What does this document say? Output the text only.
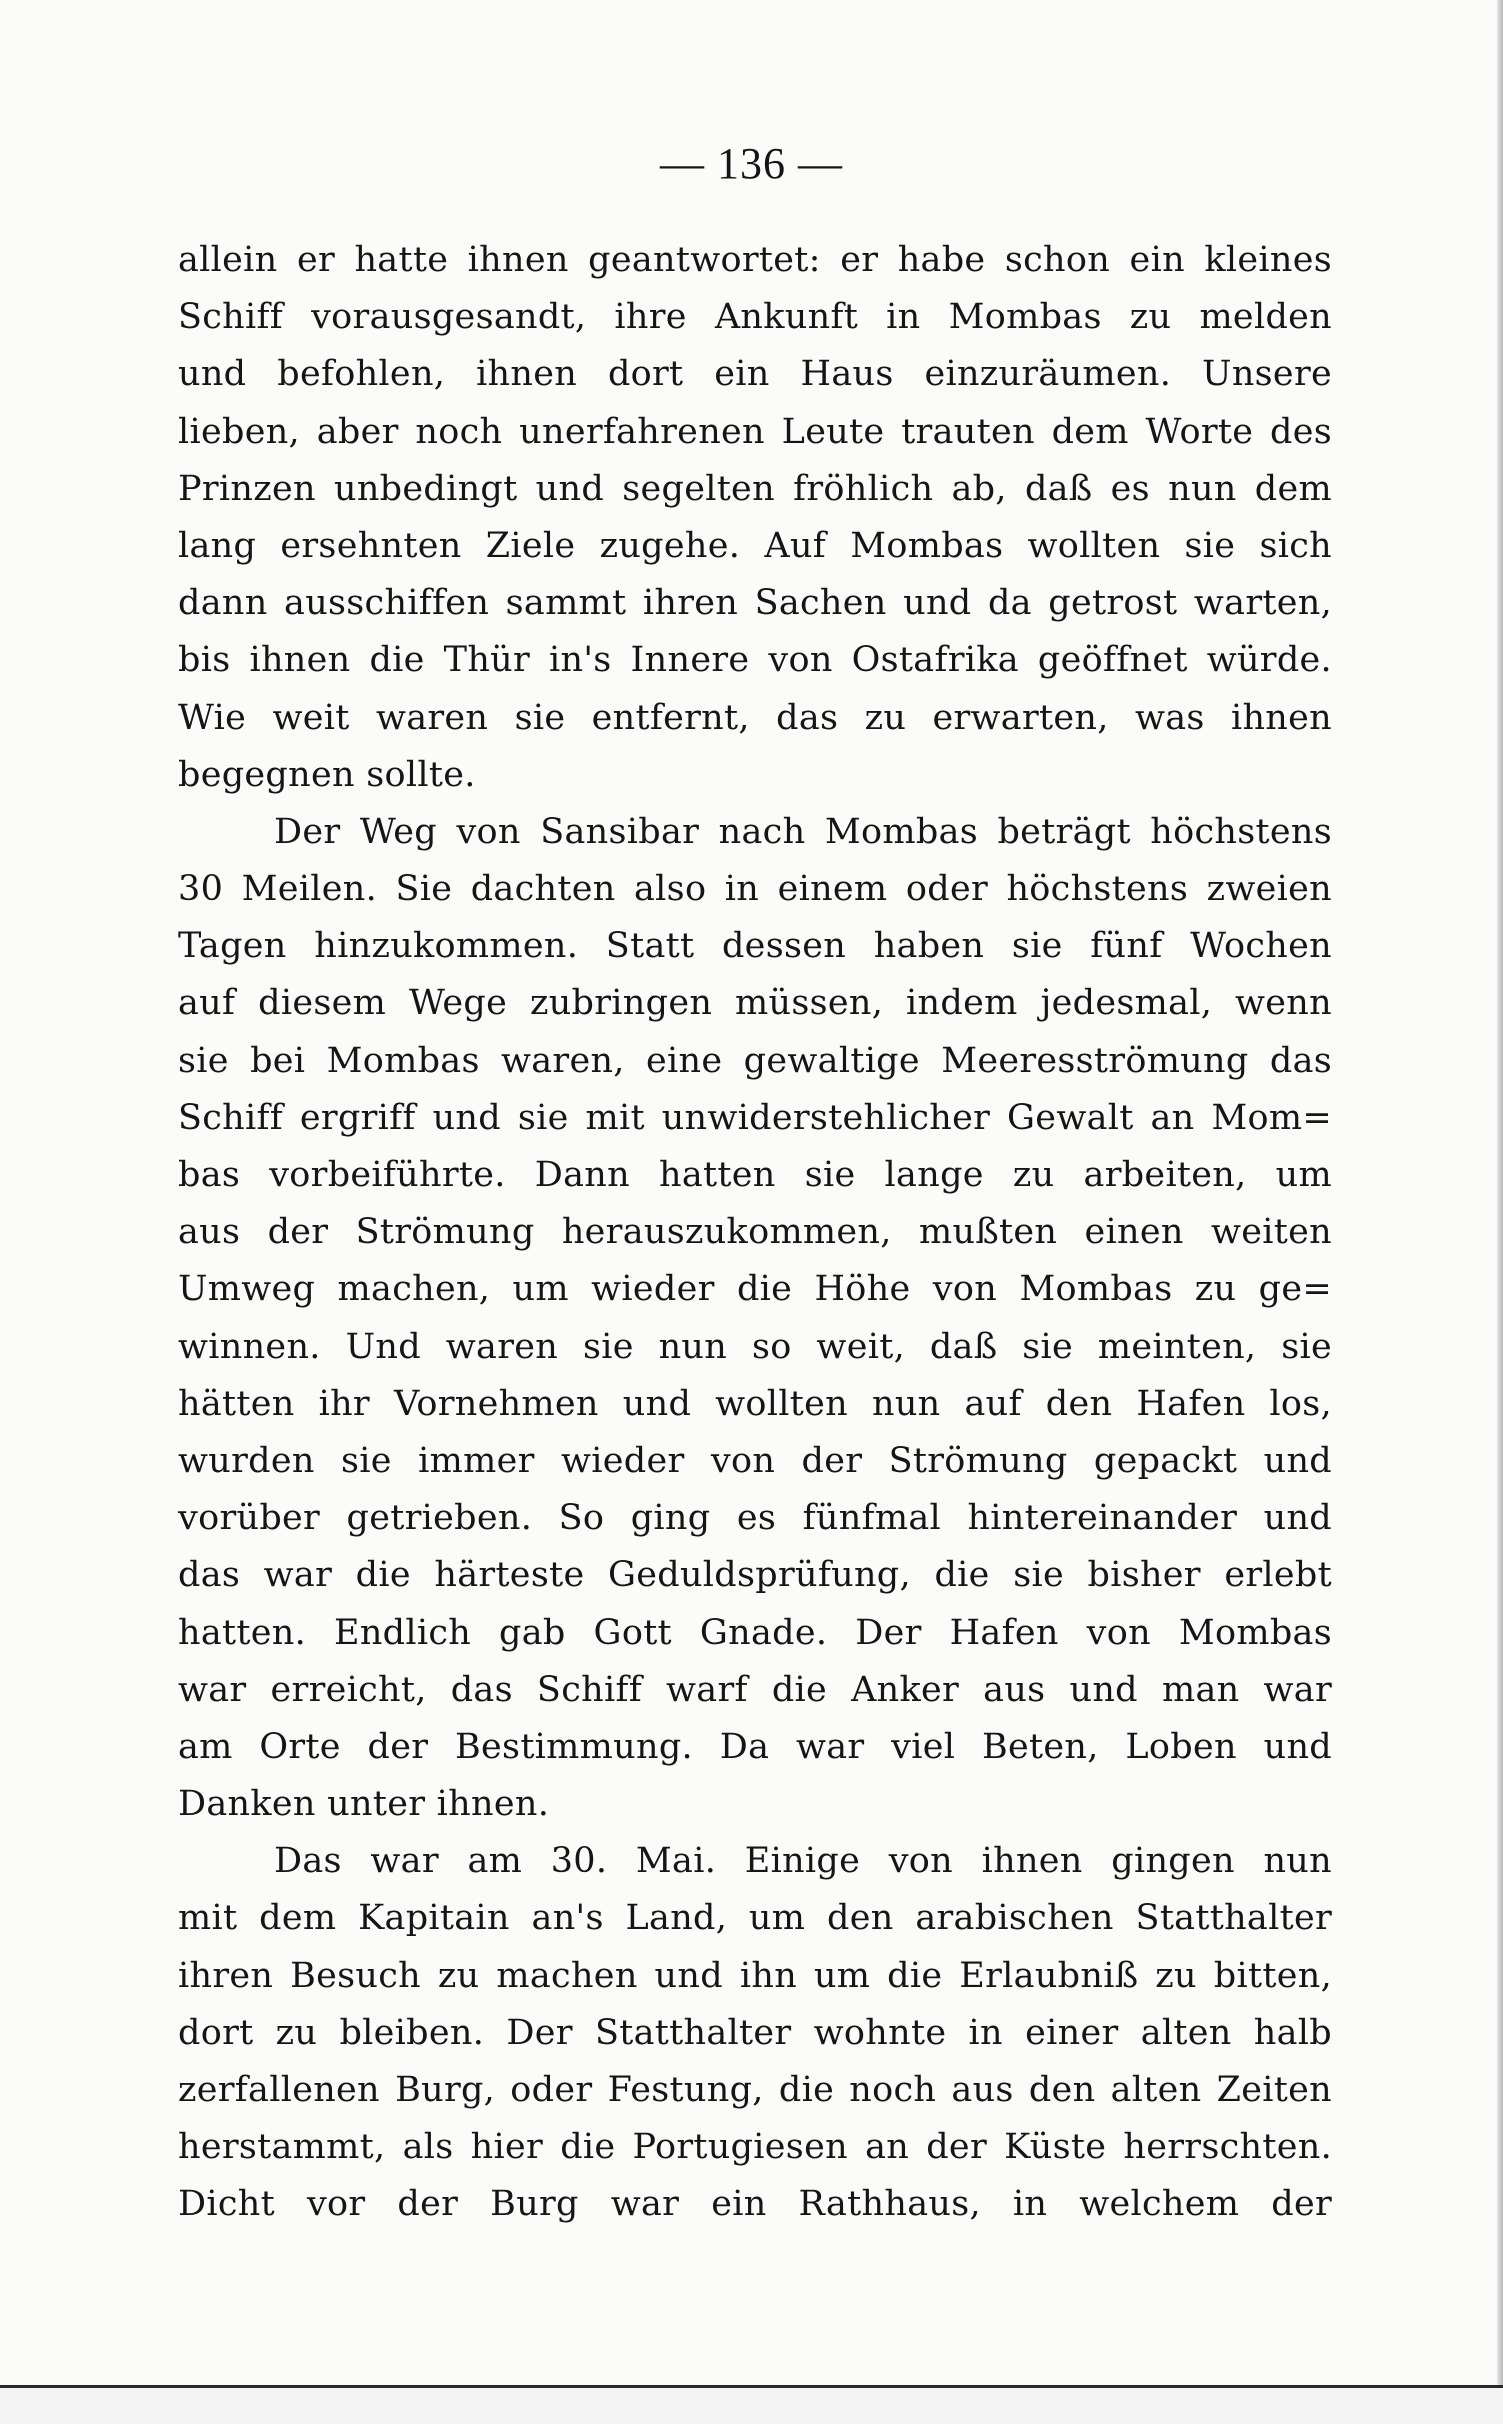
— 136 —
allein er hatte ihnen geantwortet: er habe schon ein kleines
Schiff vorausgesandt, ihre Ankunft in Mombas zu melden
und befohlen, ihnen dort ein Haus einzuräumen. Unsere
lieben, aber noch unerfahrenen Leute trauten dem Worte des
Prinzen unbedingt und segelten fröhlich ab, daß es nun dem
lang ersehnten Ziele zugehe. Auf Mombas wollten sie sich
dann ausschiffen sammt ihren Sachen und da getrost warten,
bis ihnen die Thür in's Innere von Ostafrika geöffnet würde.
Wie weit waren sie entfernt, das zu erwarten, was ihnen
begegnen sollte.
Der Weg von Sansibar nach Mombas beträgt höchstens
30 Meilen. Sie dachten also in einem oder höchstens zweien
Tagen hinzukommen. Statt dessen haben sie fünf Wochen
auf diesem Wege zubringen müssen, indem jedesmal, wenn
sie bei Mombas waren, eine gewaltige Meeresströmung das
Schiff ergriff und sie mit unwiderstehlicher Gewalt an Mom=
bas vorbeiführte. Dann hatten sie lange zu arbeiten, um
aus der Strömung herauszukommen, mußten einen weiten
Umweg machen, um wieder die Höhe von Mombas zu ge=
winnen. Und waren sie nun so weit, daß sie meinten, sie
hätten ihr Vornehmen und wollten nun auf den Hafen los,
wurden sie immer wieder von der Strömung gepackt und
vorüber getrieben. So ging es fünfmal hintereinander und
das war die härteste Geduldsprüfung, die sie bisher erlebt
hatten. Endlich gab Gott Gnade. Der Hafen von Mombas
war erreicht, das Schiff warf die Anker aus und man war
am Orte der Bestimmung. Da war viel Beten, Loben und
Danken unter ihnen.
Das war am 30. Mai. Einige von ihnen gingen nun
mit dem Kapitain an's Land, um den arabischen Statthalter
ihren Besuch zu machen und ihn um die Erlaubniß zu bitten,
dort zu bleiben. Der Statthalter wohnte in einer alten halb
zerfallenen Burg, oder Festung, die noch aus den alten Zeiten
herstammt, als hier die Portugiesen an der Küste herrschten.
Dicht vor der Burg war ein Rathhaus, in welchem der
